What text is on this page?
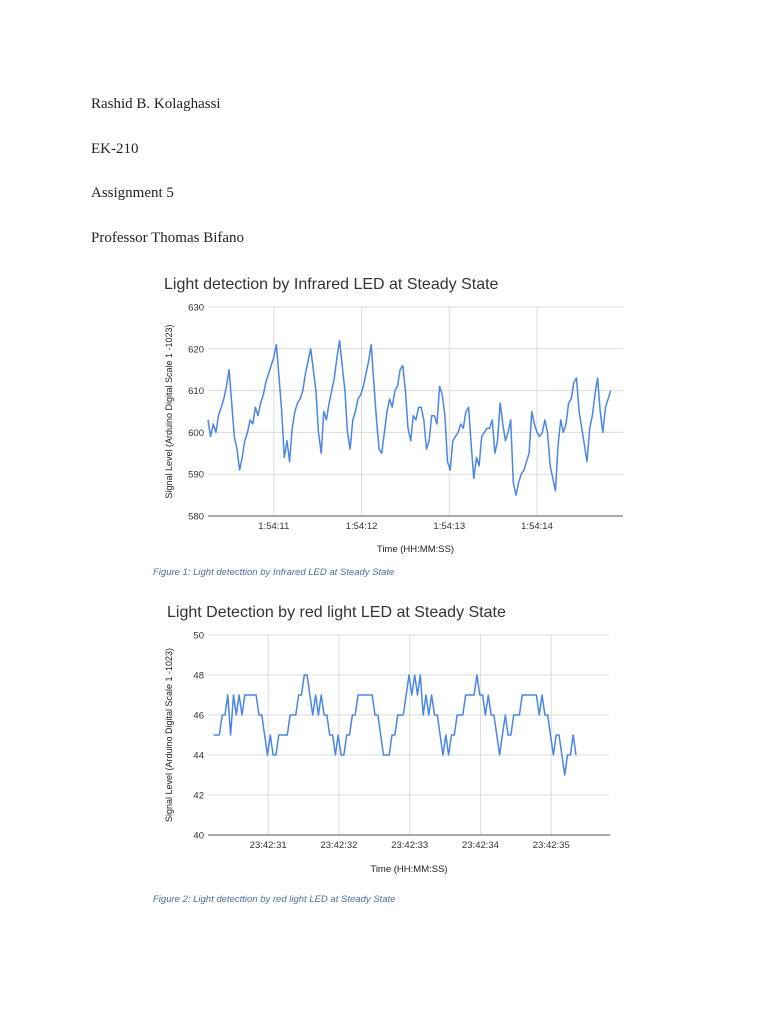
Rashid B. Kolaghassi

EK-210

Assignment 5

Professor Thomas Bifano

Light detection by Infrared LED at Steady State
580
590
600
610
620
630
1:54:11	1:54:12	1:54:13	1:54:14
Time (HH:MM:SS)
Signal Level (Arduino Digital Scale 1 -1023)

Figure 1: Light detecttion by Infrared LED at Steady State

Light Detection by red light LED at Steady State
40
42
44
46
48
50
23:42:31	23:42:32	23:42:33	23:42:34	23:42:35
Time (HH:MM:SS)
Signal Level (Arduino Digital Scale 1 -1023)

Figure 2: Light detecttion by red light LED at Steady State
